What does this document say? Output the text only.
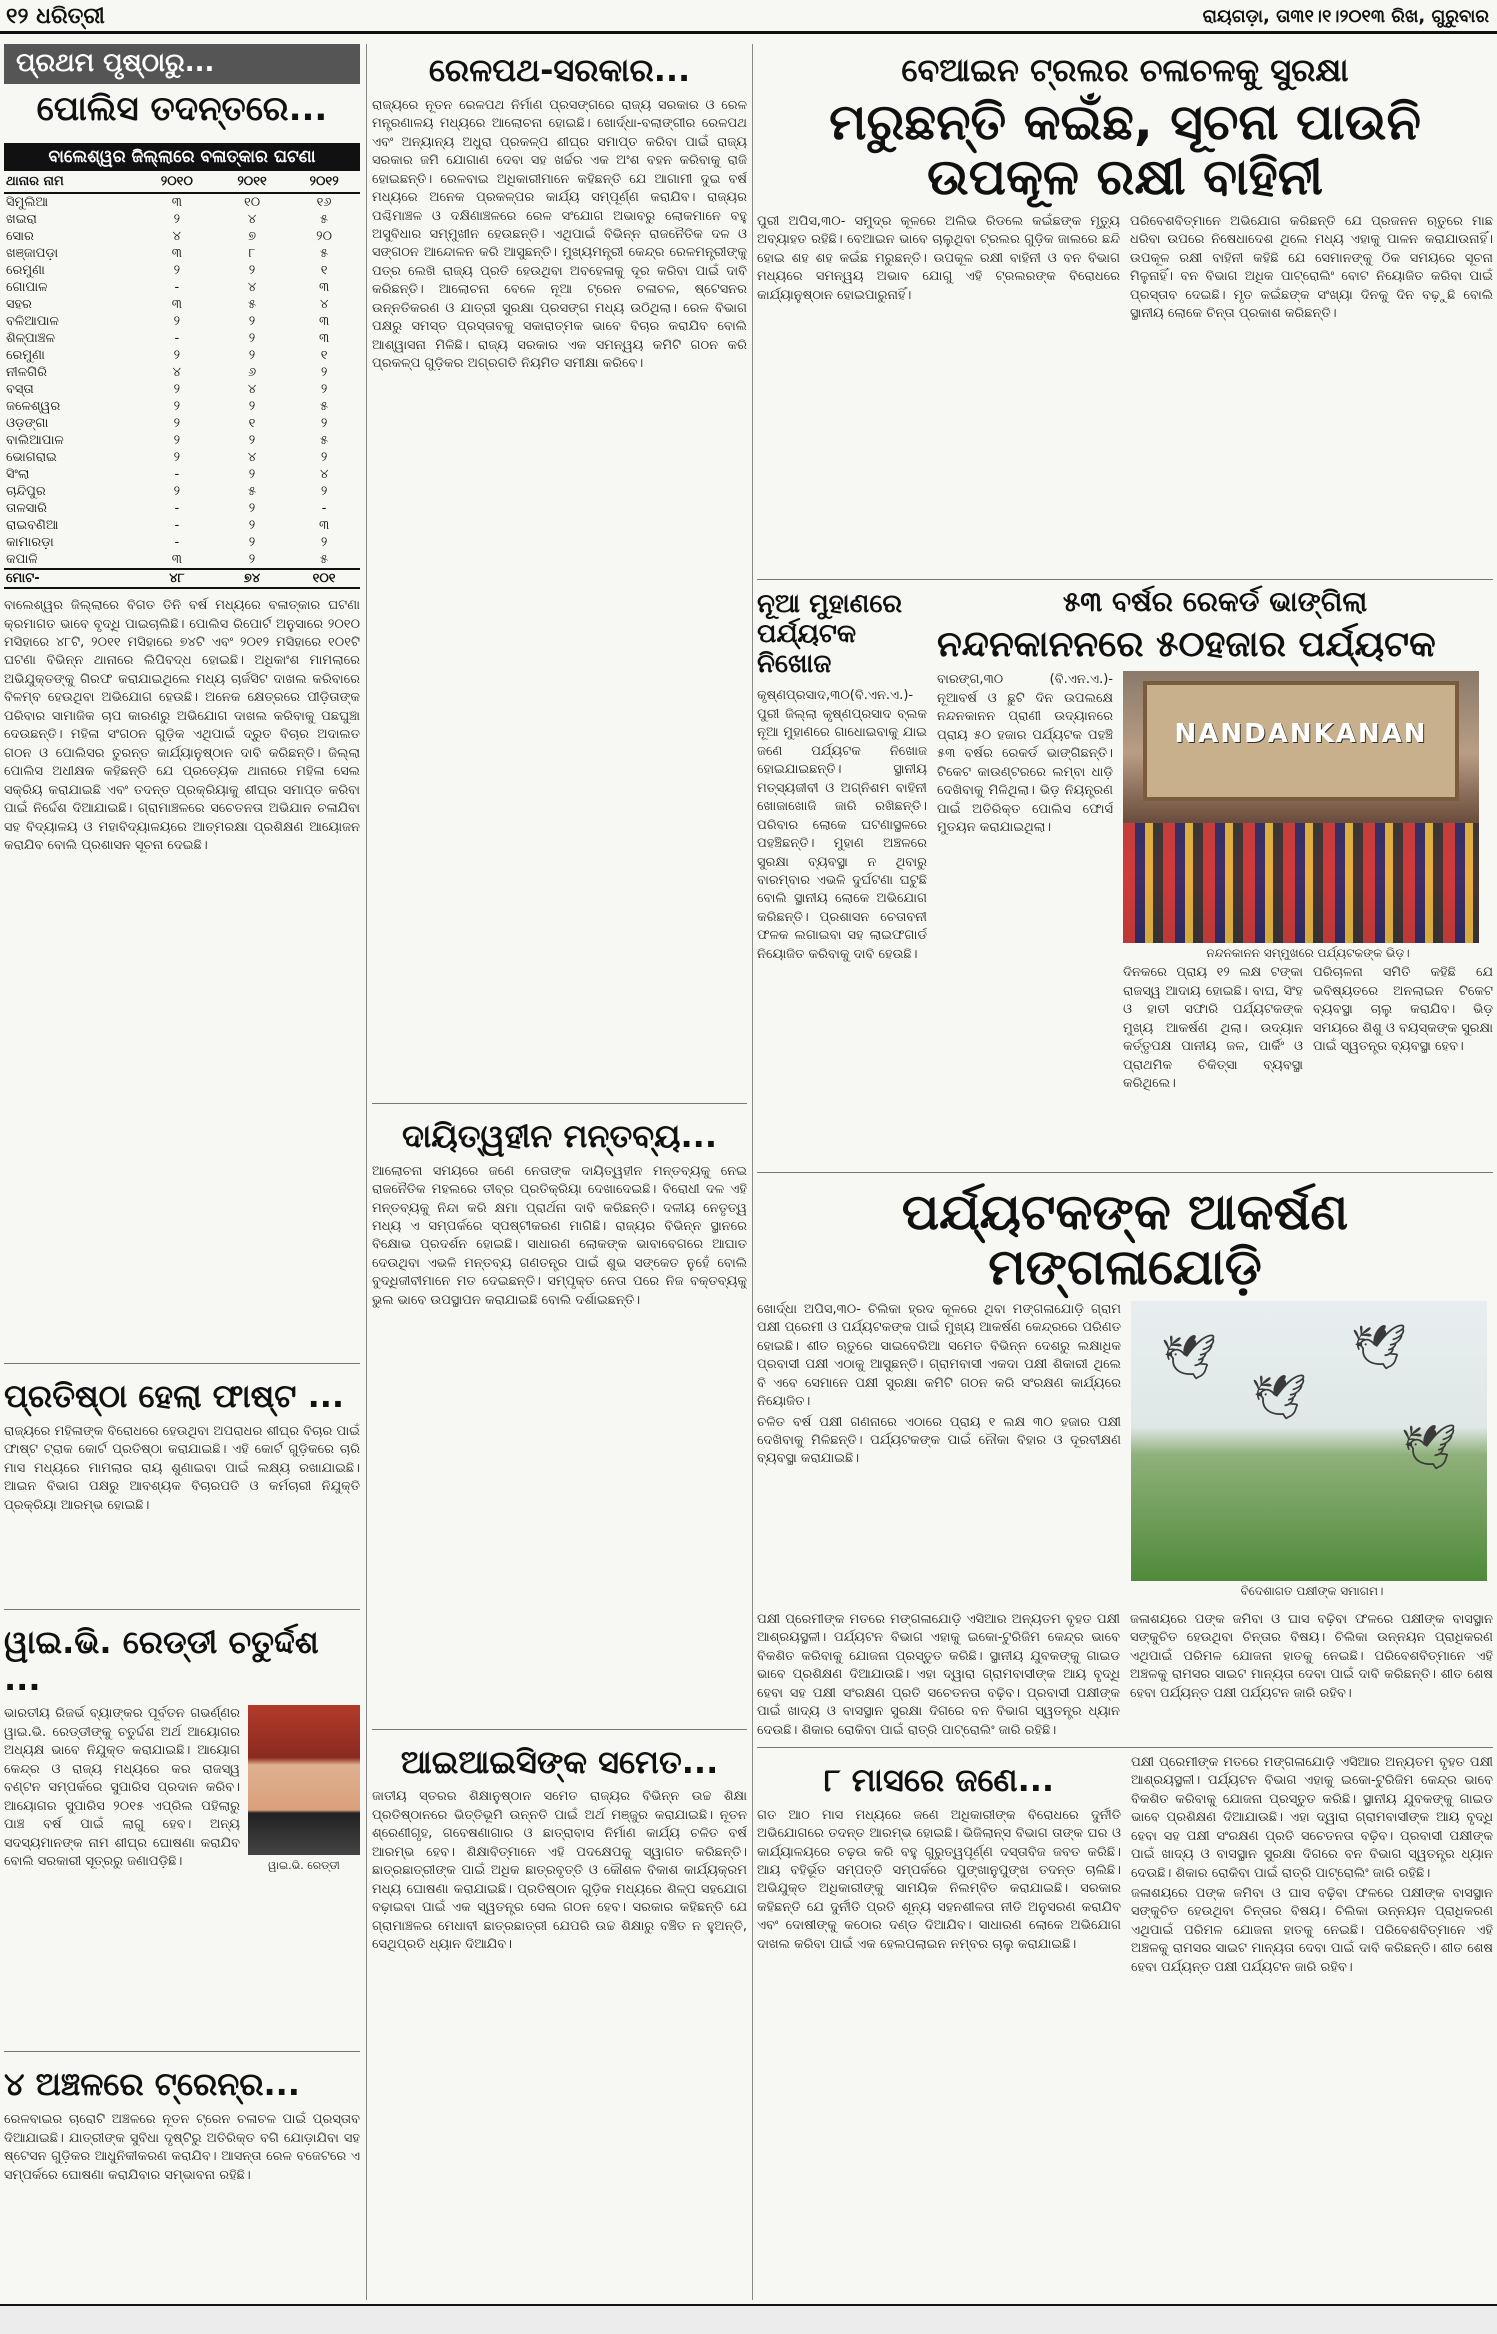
୧୨ ଧରିତ୍ରୀ	ରାୟଗଡ଼ା, ତା୩୧।୧।୨୦୧୩ ରିଖ, ଗୁରୁବାର
ପ୍ରଥମ ପୃଷ୍ଠାରୁ...
ପୋଲିସ ତଦନ୍ତରେ...
ବାଲେଶ୍ୱର ଜିଲ୍ଲାରେ ବଳାତ୍କାର ଘଟଣା
ଥାନାର ନାମ	୨୦୧୦	୨୦୧୧	୨୦୧୨
ସିମୁଲିଆ	୩	୧୦	୧୬
ଖଇରା	୨	୪	୫
ସୋର	୪	୭	୨୦
ଖଞ୍ଜାପଡ଼ା	୩	୮	୫
ରେମୁଣା	୨	୨	୧
ଗୋପାଳ	-	୪	୩
ସହର	୩	୫	୪
ବଳିଆପାଳ	୨	୨	୩
ଶିଳ୍ପାଞ୍ଚଳ	-	୨	୩
ରେମୁଣା	୨	୨	୧
ନୀଳଗିରି	୪	୬	୨
ବସ୍ତା	୨	୪	୨
ଜଳେଶ୍ୱର	୨	୨	୫
ଓଡ଼ଙ୍ଗା	୨	୧	୨
ବାଲିଆପାଳ	୨	୨	୫
ଭୋଗରାଇ	୨	୪	୨
ସିଂଲା	-	୨	୪
ଚାନ୍ଦିପୁର	୨	୫	୨
ତାଳସାରି	-	୨	-
ରାଇବଣିଆ	-	୨	୩
କାମାରଡ଼ା	-	୨	୨
କପାଳି	୩	୨	୫
ମୋଟ-	୪୮	୭୪	୧୦୧

ବାଲେଶ୍ୱର ଜିଲ୍ଲାରେ ବିଗତ ତିନି ବର୍ଷ ମଧ୍ୟରେ ବଳାତ୍କାର ଘଟଣା କ୍ରମାଗତ ଭାବେ ବୃଦ୍ଧି ପାଇଚାଲିଛି। ପୋଲିସ ରିପୋର୍ଟ ଅନୁସାରେ ୨୦୧୦ ମସିହାରେ ୪୮ଟି, ୨୦୧୧ ମସିହାରେ ୭୪ଟି ଏବଂ ୨୦୧୨ ମସିହାରେ ୧୦୧ଟି ଘଟଣା ବିଭିନ୍ନ ଥାନାରେ ଲିପିବଦ୍ଧ ହୋଇଛି। ଅଧିକାଂଶ ମାମଲାରେ ଅଭିଯୁକ୍ତଙ୍କୁ ଗିରଫ କରାଯାଇଥିଲେ ମଧ୍ୟ ଚାର୍ଜସିଟ ଦାଖଲ କରିବାରେ ବିଳମ୍ବ ହେଉଥିବା ଅଭିଯୋଗ ହେଉଛି। ଅନେକ କ୍ଷେତ୍ରରେ ପୀଡ଼ିତାଙ୍କ ପରିବାର ସାମାଜିକ ଚାପ କାରଣରୁ ଅଭିଯୋଗ ଦାଖଲ କରିବାକୁ ପଛଘୁଞ୍ଚା ଦେଉଛନ୍ତି। ମହିଳା ସଂଗଠନ ଗୁଡ଼ିକ ଏଥିପାଇଁ ଦ୍ରୁତ ବିଚାର ଅଦାଲତ ଗଠନ ଓ ପୋଲିସର ତୁରନ୍ତ କାର୍ଯ୍ୟାନୁଷ୍ଠାନ ଦାବି କରିଛନ୍ତି। ଜିଲ୍ଲା ପୋଲିସ ଅଧୀକ୍ଷକ କହିଛନ୍ତି ଯେ ପ୍ରତ୍ୟେକ ଥାନାରେ ମହିଳା ସେଲ ସକ୍ରିୟ କରାଯାଇଛି ଏବଂ ତଦନ୍ତ ପ୍ରକ୍ରିୟାକୁ ଶୀଘ୍ର ସମାପ୍ତ କରିବା ପାଇଁ ନିର୍ଦ୍ଦେଶ ଦିଆଯାଇଛି। ଗ୍ରାମାଞ୍ଚଳରେ ସଚେତନତା ଅଭିଯାନ ଚଳାଯିବା ସହ ବିଦ୍ୟାଳୟ ଓ ମହାବିଦ୍ୟାଳୟରେ ଆତ୍ମରକ୍ଷା ପ୍ରଶିକ୍ଷଣ ଆୟୋଜନ କରାଯିବ ବୋଲି ପ୍ରଶାସନ ସୂଚନା ଦେଇଛି।

ପ୍ରତିଷ୍ଠା ହେଲା ଫାଷ୍ଟ ...

ରାଜ୍ୟରେ ମହିଳାଙ୍କ ବିରୋଧରେ ହେଉଥିବା ଅପରାଧର ଶୀଘ୍ର ବିଚାର ପାଇଁ ଫାଷ୍ଟ ଟ୍ରାକ କୋର୍ଟ ପ୍ରତିଷ୍ଠା କରାଯାଇଛି। ଏହି କୋର୍ଟ ଗୁଡ଼ିକରେ ଚାରି ମାସ ମଧ୍ୟରେ ମାମଲାର ରାୟ ଶୁଣାଇବା ପାଇଁ ଲକ୍ଷ୍ୟ ରଖାଯାଇଛି। ଆଇନ ବିଭାଗ ପକ୍ଷରୁ ଆବଶ୍ୟକ ବିଚାରପତି ଓ କର୍ମଚାରୀ ନିଯୁକ୍ତି ପ୍ରକ୍ରିୟା ଆରମ୍ଭ ହୋଇଛି।

ୱାଇ.ଭି. ରେଡ୍ଡୀ ଚତୁର୍ଦ୍ଦଶ ...
ୱାଇ.ଭି. ରେଡ୍ଡୀ

ଭାରତୀୟ ରିଜର୍ଭ ବ୍ୟାଙ୍କର ପୂର୍ବତନ ଗଭର୍ଣ୍ଣର ୱାଇ.ଭି. ରେଡ୍ଡୀଙ୍କୁ ଚତୁର୍ଦ୍ଦଶ ଅର୍ଥ ଆୟୋଗର ଅଧ୍ୟକ୍ଷ ଭାବେ ନିଯୁକ୍ତ କରାଯାଇଛି। ଆୟୋଗ କେନ୍ଦ୍ର ଓ ରାଜ୍ୟ ମଧ୍ୟରେ କର ରାଜସ୍ୱ ବଣ୍ଟନ ସମ୍ପର୍କରେ ସୁପାରିସ ପ୍ରଦାନ କରିବ। ଆୟୋଗର ସୁପାରିସ ୨୦୧୫ ଏପ୍ରିଲ ପହିଲାରୁ ପାଞ୍ଚ ବର୍ଷ ପାଇଁ ଲାଗୁ ହେବ। ଅନ୍ୟ ସଦସ୍ୟମାନଙ୍କ ନାମ ଶୀଘ୍ର ଘୋଷଣା କରାଯିବ ବୋଲି ସରକାରୀ ସୂତ୍ରରୁ ଜଣାପଡ଼ିଛି।

୪ ଅଞ୍ଚଳରେ ଟ୍ରେନ୍ର...

ରେଳବାଇର ଚାରୋଟି ଅଞ୍ଚଳରେ ନୂତନ ଟ୍ରେନ ଚଳାଚଳ ପାଇଁ ପ୍ରସ୍ତାବ ଦିଆଯାଇଛି। ଯାତ୍ରୀଙ୍କ ସୁବିଧା ଦୃଷ୍ଟିରୁ ଅତିରିକ୍ତ ବଗି ଯୋଡ଼ାଯିବା ସହ ଷ୍ଟେସନ ଗୁଡ଼ିକର ଆଧୁନିକୀକରଣ କରାଯିବ। ଆସନ୍ତା ରେଳ ବଜେଟରେ ଏ ସମ୍ପର୍କରେ ଘୋଷଣା କରାଯିବାର ସମ୍ଭାବନା ରହିଛି।

ରେଳପଥ-ସରକାର...

ରାଜ୍ୟରେ ନୂତନ ରେଳପଥ ନିର୍ମାଣ ପ୍ରସଙ୍ଗରେ ରାଜ୍ୟ ସରକାର ଓ ରେଳ ମନ୍ତ୍ରଣାଳୟ ମଧ୍ୟରେ ଆଲୋଚନା ହୋଇଛି। ଖୋର୍ଦ୍ଧା-ବଲାଙ୍ଗୀର ରେଳପଥ ଏବଂ ଅନ୍ୟାନ୍ୟ ଅଧୁରା ପ୍ରକଳ୍ପ ଶୀଘ୍ର ସମାପ୍ତ କରିବା ପାଇଁ ରାଜ୍ୟ ସରକାର ଜମି ଯୋଗାଣ ଦେବା ସହ ଖର୍ଚ୍ଚର ଏକ ଅଂଶ ବହନ କରିବାକୁ ରାଜି ହୋଇଛନ୍ତି। ରେଳବାଇ ଅଧିକାରୀମାନେ କହିଛନ୍ତି ଯେ ଆଗାମୀ ଦୁଇ ବର୍ଷ ମଧ୍ୟରେ ଅନେକ ପ୍ରକଳ୍ପର କାର୍ଯ୍ୟ ସମ୍ପୂର୍ଣ୍ଣ କରାଯିବ। ରାଜ୍ୟର ପଶ୍ଚିମାଞ୍ଚଳ ଓ ଦକ୍ଷିଣାଞ୍ଚଳରେ ରେଳ ସଂଯୋଗ ଅଭାବରୁ ଲୋକମାନେ ବହୁ ଅସୁବିଧାର ସମ୍ମୁଖୀନ ହେଉଛନ୍ତି। ଏଥିପାଇଁ ବିଭିନ୍ନ ରାଜନୈତିକ ଦଳ ଓ ସଙ୍ଗଠନ ଆନ୍ଦୋଳନ କରି ଆସୁଛନ୍ତି। ମୁଖ୍ୟମନ୍ତ୍ରୀ କେନ୍ଦ୍ର ରେଳମନ୍ତ୍ରୀଙ୍କୁ ପତ୍ର ଲେଖି ରାଜ୍ୟ ପ୍ରତି ହେଉଥିବା ଅବହେଳାକୁ ଦୂର କରିବା ପାଇଁ ଦାବି କରିଛନ୍ତି। ଆଲୋଚନା ବେଳେ ନୂଆ ଟ୍ରେନ ଚଳାଚଳ, ଷ୍ଟେସନର ଉନ୍ନତିକରଣ ଓ ଯାତ୍ରୀ ସୁରକ୍ଷା ପ୍ରସଙ୍ଗ ମଧ୍ୟ ଉଠିଥିଲା। ରେଳ ବିଭାଗ ପକ୍ଷରୁ ସମସ୍ତ ପ୍ରସ୍ତାବକୁ ସକାରାତ୍ମକ ଭାବେ ବିଚାର କରାଯିବ ବୋଲି ଆଶ୍ୱାସନା ମିଳିଛି। ରାଜ୍ୟ ସରକାର ଏକ ସମନ୍ୱୟ କମିଟି ଗଠନ କରି ପ୍ରକଳ୍ପ ଗୁଡ଼ିକର ଅଗ୍ରଗତି ନିୟମିତ ସମୀକ୍ଷା କରିବେ।

ଦାୟିତ୍ୱହୀନ ମନ୍ତବ୍ୟ...

ଆଲୋଚନା ସମୟରେ ଜଣେ ନେତାଙ୍କ ଦାୟିତ୍ୱହୀନ ମନ୍ତବ୍ୟକୁ ନେଇ ରାଜନୈତିକ ମହଲରେ ତୀବ୍ର ପ୍ରତିକ୍ରିୟା ଦେଖାଦେଇଛି। ବିରୋଧୀ ଦଳ ଏହି ମନ୍ତବ୍ୟକୁ ନିନ୍ଦା କରି କ୍ଷମା ପ୍ରାର୍ଥନା ଦାବି କରିଛନ୍ତି। ଦଳୀୟ ନେତୃତ୍ୱ ମଧ୍ୟ ଏ ସମ୍ପର୍କରେ ସ୍ପଷ୍ଟୀକରଣ ମାଗିଛି। ରାଜ୍ୟର ବିଭିନ୍ନ ସ୍ଥାନରେ ବିକ୍ଷୋଭ ପ୍ରଦର୍ଶନ ହୋଇଛି। ସାଧାରଣ ଲୋକଙ୍କ ଭାବାବେଗରେ ଆଘାତ ଦେଉଥିବା ଏଭଳି ମନ୍ତବ୍ୟ ଗଣତନ୍ତ୍ର ପାଇଁ ଶୁଭ ସଙ୍କେତ ନୁହେଁ ବୋଲି ବୁଦ୍ଧିଜୀବୀମାନେ ମତ ଦେଇଛନ୍ତି। ସମ୍ପୃକ୍ତ ନେତା ପରେ ନିଜ ବକ୍ତବ୍ୟକୁ ଭୁଲ ଭାବେ ଉପସ୍ଥାପନ କରାଯାଇଛି ବୋଲି ଦର୍ଶାଇଛନ୍ତି।

ଆଇଆଇସିଙ୍କ ସମେତ...

ଜାତୀୟ ସ୍ତରର ଶିକ୍ଷାନୁଷ୍ଠାନ ସମେତ ରାଜ୍ୟର ବିଭିନ୍ନ ଉଚ୍ଚ ଶିକ୍ଷା ପ୍ରତିଷ୍ଠାନରେ ଭିତ୍ତିଭୂମି ଉନ୍ନତି ପାଇଁ ଅର୍ଥ ମଞ୍ଜୁର କରାଯାଇଛି। ନୂତନ ଶ୍ରେଣୀଗୃହ, ଗବେଷଣାଗାର ଓ ଛାତ୍ରାବାସ ନିର୍ମାଣ କାର୍ଯ୍ୟ ଚଳିତ ବର୍ଷ ଆରମ୍ଭ ହେବ। ଶିକ୍ଷାବିତ୍ମାନେ ଏହି ପଦକ୍ଷେପକୁ ସ୍ୱାଗତ କରିଛନ୍ତି। ଛାତ୍ରଛାତ୍ରୀଙ୍କ ପାଇଁ ଅଧିକ ଛାତ୍ରବୃତ୍ତି ଓ କୌଶଳ ବିକାଶ କାର୍ଯ୍ୟକ୍ରମ ମଧ୍ୟ ଘୋଷଣା କରାଯାଇଛି। ପ୍ରତିଷ୍ଠାନ ଗୁଡ଼ିକ ମଧ୍ୟରେ ଶିଳ୍ପ ସହଯୋଗ ବଢ଼ାଇବା ପାଇଁ ଏକ ସ୍ୱତନ୍ତ୍ର ସେଲ ଗଠନ ହେବ। ସରକାର କହିଛନ୍ତି ଯେ ଗ୍ରାମାଞ୍ଚଳର ମେଧାବୀ ଛାତ୍ରଛାତ୍ରୀ ଯେପରି ଉଚ୍ଚ ଶିକ୍ଷାରୁ ବଞ୍ଚିତ ନ ହୁଅନ୍ତି, ସେଥିପ୍ରତି ଧ୍ୟାନ ଦିଆଯିବ।

ବେଆଇନ ଟ୍ରଲର ଚଳାଚଳକୁ ସୁରକ୍ଷା
ମରୁଛନ୍ତି କଇଁଛ, ସୂଚନା ପାଉନି ଉପକୂଳ ରକ୍ଷୀ ବାହିନୀ

ପୁରୀ ଅପିସ,୩୦- ସମୁଦ୍ର କୂଳରେ ଅଲିଭ ରିଡଲେ କଇଁଛଙ୍କ ମୃତ୍ୟୁ ଅବ୍ୟାହତ ରହିଛି। ବେଆଇନ ଭାବେ ଚାଲୁଥିବା ଟ୍ରଲର ଗୁଡ଼ିକ ଜାଲରେ ଛନ୍ଦି ହୋଇ ଶହ ଶହ କଇଁଛ ମରୁଛନ୍ତି। ଉପକୂଳ ରକ୍ଷୀ ବାହିନୀ ଓ ବନ ବିଭାଗ ମଧ୍ୟରେ ସମନ୍ୱୟ ଅଭାବ ଯୋଗୁ ଏହି ଟ୍ରଲରଙ୍କ ବିରୋଧରେ କାର୍ଯ୍ୟାନୁଷ୍ଠାନ ହୋଇପାରୁନାହିଁ।

ପରିବେଶବିତ୍ମାନେ ଅଭିଯୋଗ କରିଛନ୍ତି ଯେ ପ୍ରଜନନ ଋତୁରେ ମାଛ ଧରିବା ଉପରେ ନିଷେଧାଦେଶ ଥିଲେ ମଧ୍ୟ ଏହାକୁ ପାଳନ କରାଯାଉନାହିଁ। ଉପକୂଳ ରକ୍ଷୀ ବାହିନୀ କହିଛି ଯେ ସେମାନଙ୍କୁ ଠିକ ସମୟରେ ସୂଚନା ମିଳୁନାହିଁ। ବନ ବିଭାଗ ଅଧିକ ପାଟ୍ରୋଲିଂ ବୋଟ ନିୟୋଜିତ କରିବା ପାଇଁ ପ୍ରସ୍ତାବ ଦେଇଛି। ମୃତ କଇଁଛଙ୍କ ସଂଖ୍ୟା ଦିନକୁ ଦିନ ବଢ଼ୁଛି ବୋଲି ସ୍ଥାନୀୟ ଲୋକେ ଚିନ୍ତା ପ୍ରକାଶ କରିଛନ୍ତି।

ନୂଆ ମୁହାଣରେ ପର୍ଯ୍ୟଟକ ନିଖୋଜ

କୃଷ୍ଣପ୍ରସାଦ,୩୦(ବି.ଏନ.ଏ.)- ପୁରୀ ଜିଲ୍ଲା କୃଷ୍ଣପ୍ରସାଦ ବ୍ଲକ ନୂଆ ମୁହାଣରେ ଗାଧୋଇବାକୁ ଯାଇ ଜଣେ ପର୍ଯ୍ୟଟକ ନିଖୋଜ ହୋଇଯାଇଛନ୍ତି। ସ୍ଥାନୀୟ ମତ୍ସ୍ୟଜୀବୀ ଓ ଅଗ୍ନିଶମ ବାହିନୀ ଖୋଜାଖୋଜି ଜାରି ରଖିଛନ୍ତି। ପରିବାର ଲୋକେ ଘଟଣାସ୍ଥଳରେ ପହଞ୍ଚିଛନ୍ତି। ମୁହାଣ ଅଞ୍ଚଳରେ ସୁରକ୍ଷା ବ୍ୟବସ୍ଥା ନ ଥିବାରୁ ବାରମ୍ବାର ଏଭଳି ଦୁର୍ଘଟଣା ଘଟୁଛି ବୋଲି ସ୍ଥାନୀୟ ଲୋକେ ଅଭିଯୋଗ କରିଛନ୍ତି। ପ୍ରଶାସନ ଚେତାବନୀ ଫଳକ ଲଗାଇବା ସହ ଲାଇଫଗାର୍ଡ ନିୟୋଜିତ କରିବାକୁ ଦାବି ହେଉଛି।

୫୩ ବର୍ଷର ରେକର୍ଡ ଭାଙ୍ଗିଲା
ନନ୍ଦନକାନନରେ ୫୦ହଜାର ପର୍ଯ୍ୟଟକ

ବାରଙ୍ଗ,୩୦ (ବି.ଏନ.ଏ.)- ନୂଆବର୍ଷ ଓ ଛୁଟି ଦିନ ଉପଲକ୍ଷେ ନନ୍ଦନକାନନ ପ୍ରାଣୀ ଉଦ୍ୟାନରେ ପ୍ରାୟ ୫୦ ହଜାର ପର୍ଯ୍ୟଟକ ପହଞ୍ଚି ୫୩ ବର୍ଷର ରେକର୍ଡ ଭାଙ୍ଗିଛନ୍ତି। ଟିକେଟ କାଉଣ୍ଟରରେ ଲମ୍ବା ଧାଡ଼ି ଦେଖିବାକୁ ମିଳିଥିଲା। ଭିଡ଼ ନିୟନ୍ତ୍ରଣ ପାଇଁ ଅତିରିକ୍ତ ପୋଲିସ ଫୋର୍ସ ମୁତୟନ କରାଯାଇଥିଲା।

NANDANKANAN
ନନ୍ଦନକାନନ ସମ୍ମୁଖରେ ପର୍ଯ୍ୟଟକଙ୍କ ଭିଡ଼।

ଦିନକରେ ପ୍ରାୟ ୧୨ ଲକ୍ଷ ଟଙ୍କା ରାଜସ୍ୱ ଆଦାୟ ହୋଇଛି। ବାଘ, ସିଂହ ଓ ହାତୀ ସଫାରି ପର୍ଯ୍ୟଟକଙ୍କ ମୁଖ୍ୟ ଆକର୍ଷଣ ଥିଲା। ଉଦ୍ୟାନ କର୍ତ୍ତୃପକ୍ଷ ପାନୀୟ ଜଳ, ପାର୍କିଂ ଓ ପ୍ରାଥମିକ ଚିକିତ୍ସା ବ୍ୟବସ୍ଥା କରିଥିଲେ।

ପରିଚାଳନା ସମିତି କହିଛି ଯେ ଭବିଷ୍ୟତରେ ଅନଲାଇନ ଟିକେଟ ବ୍ୟବସ୍ଥା ଚାଲୁ କରାଯିବ। ଭିଡ଼ ସମୟରେ ଶିଶୁ ଓ ବୟସ୍କଙ୍କ ସୁରକ୍ଷା ପାଇଁ ସ୍ୱତନ୍ତ୍ର ବ୍ୟବସ୍ଥା ହେବ।

ପର୍ଯ୍ୟଟକଙ୍କ ଆକର୍ଷଣ ମଙ୍ଗଳାଯୋଡ଼ି

ଖୋର୍ଦ୍ଧା ଅପିସ,୩୦- ଚିଲିକା ହ୍ରଦ କୂଳରେ ଥିବା ମଙ୍ଗଳାଯୋଡ଼ି ଗ୍ରାମ ପକ୍ଷୀ ପ୍ରେମୀ ଓ ପର୍ଯ୍ୟଟକଙ୍କ ପାଇଁ ମୁଖ୍ୟ ଆକର୍ଷଣ କେନ୍ଦ୍ରରେ ପରିଣତ ହୋଇଛି। ଶୀତ ଋତୁରେ ସାଇବେରିଆ ସମେତ ବିଭିନ୍ନ ଦେଶରୁ ଲକ୍ଷାଧିକ ପ୍ରବାସୀ ପକ୍ଷୀ ଏଠାକୁ ଆସୁଛନ୍ତି। ଗ୍ରାମବାସୀ ଏକଦା ପକ୍ଷୀ ଶିକାରୀ ଥିଲେ ବି ଏବେ ସେମାନେ ପକ୍ଷୀ ସୁରକ୍ଷା କମିଟି ଗଠନ କରି ସଂରକ୍ଷଣ କାର୍ଯ୍ୟରେ ନିୟୋଜିତ।

ଚଳିତ ବର୍ଷ ପକ୍ଷୀ ଗଣନାରେ ଏଠାରେ ପ୍ରାୟ ୧ ଲକ୍ଷ ୩୦ ହଜାର ପକ୍ଷୀ ଦେଖିବାକୁ ମିଳିଛନ୍ତି। ପର୍ଯ୍ୟଟକଙ୍କ ପାଇଁ ନୌକା ବିହାର ଓ ଦୂରବୀକ୍ଷଣ ବ୍ୟବସ୍ଥା କରାଯାଇଛି।

🕊
🕊
🕊
🕊
ବିଦେଶାଗତ ପକ୍ଷୀଙ୍କ ସମାଗମ।

ପକ୍ଷୀ ପ୍ରେମୀଙ୍କ ମତରେ ମଙ୍ଗଳାଯୋଡ଼ି ଏସିଆର ଅନ୍ୟତମ ବୃହତ ପକ୍ଷୀ ଆଶ୍ରୟସ୍ଥଳୀ। ପର୍ଯ୍ୟଟନ ବିଭାଗ ଏହାକୁ ଇକୋ-ଟୁରିଜିମ କେନ୍ଦ୍ର ଭାବେ ବିକଶିତ କରିବାକୁ ଯୋଜନା ପ୍ରସ୍ତୁତ କରିଛି। ସ୍ଥାନୀୟ ଯୁବକଙ୍କୁ ଗାଇଡ ଭାବେ ପ୍ରଶିକ୍ଷଣ ଦିଆଯାଉଛି। ଏହା ଦ୍ୱାରା ଗ୍ରାମବାସୀଙ୍କ ଆୟ ବୃଦ୍ଧି ହେବା ସହ ପକ୍ଷୀ ସଂରକ୍ଷଣ ପ୍ରତି ସଚେତନତା ବଢ଼ିବ। ପ୍ରବାସୀ ପକ୍ଷୀଙ୍କ ପାଇଁ ଖାଦ୍ୟ ଓ ବାସସ୍ଥାନ ସୁରକ୍ଷା ଦିଗରେ ବନ ବିଭାଗ ସ୍ୱତନ୍ତ୍ର ଧ୍ୟାନ ଦେଉଛି। ଶିକାର ରୋକିବା ପାଇଁ ରାତ୍ରି ପାଟ୍ରୋଲିଂ ଜାରି ରହିଛି।

ଜଳାଶୟରେ ପଙ୍କ ଜମିବା ଓ ଘାସ ବଢ଼ିବା ଫଳରେ ପକ୍ଷୀଙ୍କ ବାସସ୍ଥାନ ସଙ୍କୁଚିତ ହେଉଥିବା ଚିନ୍ତାର ବିଷୟ। ଚିଲିକା ଉନ୍ନୟନ ପ୍ରାଧିକରଣ ଏଥିପାଇଁ ପରିମଳ ଯୋଜନା ହାତକୁ ନେଇଛି। ପରିବେଶବିତ୍ମାନେ ଏହି ଅଞ୍ଚଳକୁ ରାମସର ସାଇଟ ମାନ୍ୟତା ଦେବା ପାଇଁ ଦାବି କରିଛନ୍ତି। ଶୀତ ଶେଷ ହେବା ପର୍ଯ୍ୟନ୍ତ ପକ୍ଷୀ ପର୍ଯ୍ୟଟନ ଜାରି ରହିବ।

୮ ମାସରେ ଜଣେ...

ଗତ ଆଠ ମାସ ମଧ୍ୟରେ ଜଣେ ଅଧିକାରୀଙ୍କ ବିରୋଧରେ ଦୁର୍ନୀତି ଅଭିଯୋଗରେ ତଦନ୍ତ ଆରମ୍ଭ ହୋଇଛି। ଭିଜିଲାନ୍ସ ବିଭାଗ ତାଙ୍କ ଘର ଓ କାର୍ଯ୍ୟାଳୟରେ ଚଢ଼ଉ କରି ବହୁ ଗୁରୁତ୍ୱପୂର୍ଣ୍ଣ ଦସ୍ତାବିଜ ଜବତ କରିଛି। ଆୟ ବହିର୍ଭୂତ ସମ୍ପତ୍ତି ସମ୍ପର୍କରେ ପୁଙ୍ଖାନୁପୁଙ୍ଖ ତଦନ୍ତ ଚାଲିଛି। ଅଭିଯୁକ୍ତ ଅଧିକାରୀଙ୍କୁ ସାମୟିକ ନିଲମ୍ବିତ କରାଯାଇଛି। ସରକାର କହିଛନ୍ତି ଯେ ଦୁର୍ନୀତି ପ୍ରତି ଶୂନ୍ୟ ସହନଶୀଳତା ନୀତି ଅନୁସରଣ କରାଯିବ ଏବଂ ଦୋଷୀଙ୍କୁ କଠୋର ଦଣ୍ଡ ଦିଆଯିବ। ସାଧାରଣ ଲୋକେ ଅଭିଯୋଗ ଦାଖଲ କରିବା ପାଇଁ ଏକ ହେଲପଲାଇନ ନମ୍ବର ଚାଲୁ କରାଯାଇଛି।

ପକ୍ଷୀ ପ୍ରେମୀଙ୍କ ମତରେ ମଙ୍ଗଳାଯୋଡ଼ି ଏସିଆର ଅନ୍ୟତମ ବୃହତ ପକ୍ଷୀ ଆଶ୍ରୟସ୍ଥଳୀ। ପର୍ଯ୍ୟଟନ ବିଭାଗ ଏହାକୁ ଇକୋ-ଟୁରିଜିମ କେନ୍ଦ୍ର ଭାବେ ବିକଶିତ କରିବାକୁ ଯୋଜନା ପ୍ରସ୍ତୁତ କରିଛି। ସ୍ଥାନୀୟ ଯୁବକଙ୍କୁ ଗାଇଡ ଭାବେ ପ୍ରଶିକ୍ଷଣ ଦିଆଯାଉଛି। ଏହା ଦ୍ୱାରା ଗ୍ରାମବାସୀଙ୍କ ଆୟ ବୃଦ୍ଧି ହେବା ସହ ପକ୍ଷୀ ସଂରକ୍ଷଣ ପ୍ରତି ସଚେତନତା ବଢ଼ିବ। ପ୍ରବାସୀ ପକ୍ଷୀଙ୍କ ପାଇଁ ଖାଦ୍ୟ ଓ ବାସସ୍ଥାନ ସୁରକ୍ଷା ଦିଗରେ ବନ ବିଭାଗ ସ୍ୱତନ୍ତ୍ର ଧ୍ୟାନ ଦେଉଛି। ଶିକାର ରୋକିବା ପାଇଁ ରାତ୍ରି ପାଟ୍ରୋଲିଂ ଜାରି ରହିଛି।

ଜଳାଶୟରେ ପଙ୍କ ଜମିବା ଓ ଘାସ ବଢ଼ିବା ଫଳରେ ପକ୍ଷୀଙ୍କ ବାସସ୍ଥାନ ସଙ୍କୁଚିତ ହେଉଥିବା ଚିନ୍ତାର ବିଷୟ। ଚିଲିକା ଉନ୍ନୟନ ପ୍ରାଧିକରଣ ଏଥିପାଇଁ ପରିମଳ ଯୋଜନା ହାତକୁ ନେଇଛି। ପରିବେଶବିତ୍ମାନେ ଏହି ଅଞ୍ଚଳକୁ ରାମସର ସାଇଟ ମାନ୍ୟତା ଦେବା ପାଇଁ ଦାବି କରିଛନ୍ତି। ଶୀତ ଶେଷ ହେବା ପର୍ଯ୍ୟନ୍ତ ପକ୍ଷୀ ପର୍ଯ୍ୟଟନ ଜାରି ରହିବ।
